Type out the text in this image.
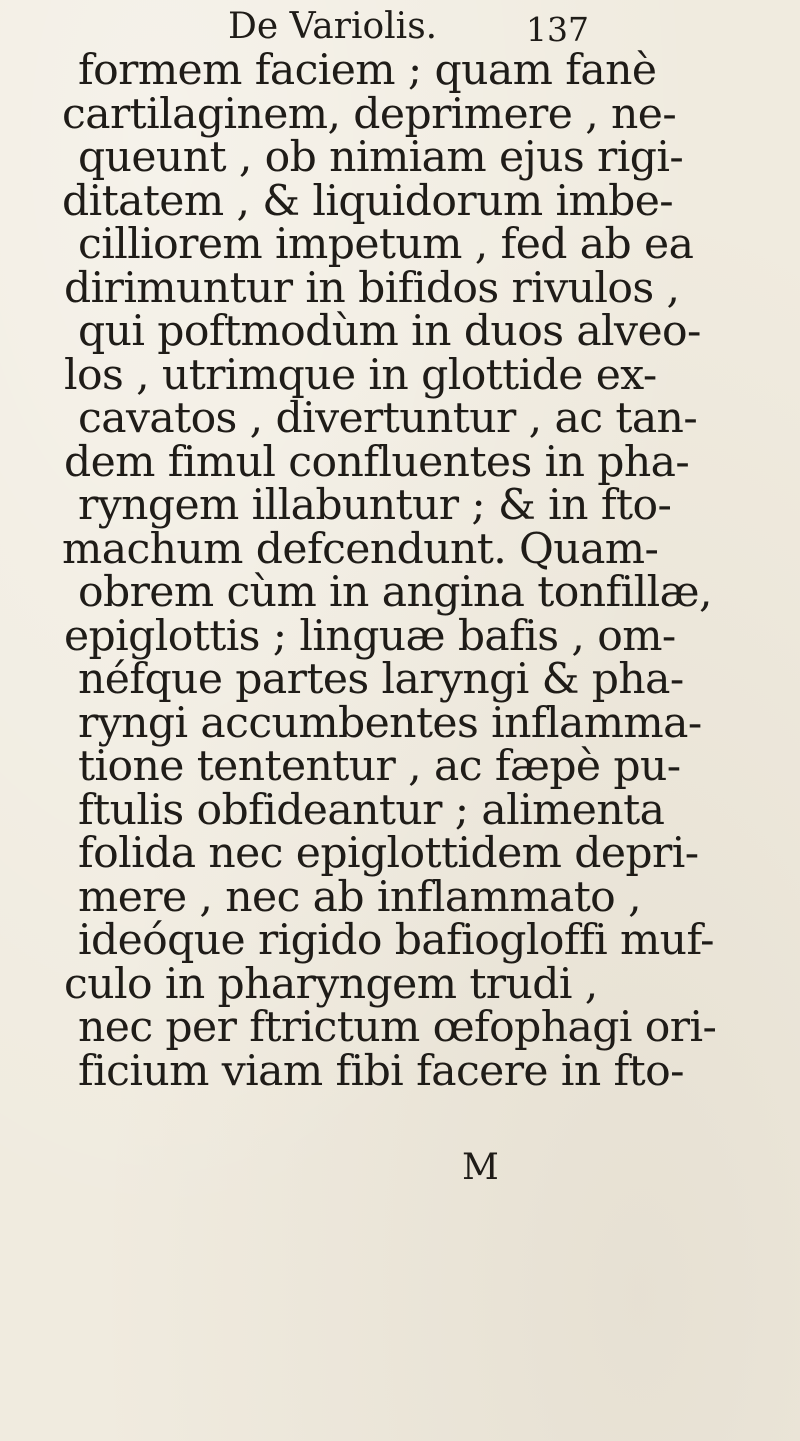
De Variolis.	137
formem faciem ; quam fanè
cartilaginem, deprimere , ne-
queunt , ob nimiam ejus rigi-
ditatem , & liquidorum imbe-
cilliorem impetum , fed ab ea
dirimuntur in bifidos rivulos ,
qui poftmodùm in duos alveo-
los , utrimque in glottide ex-
cavatos , divertuntur , ac tan-
dem fimul confluentes in pha-
ryngem illabuntur ; & in fto-
machum defcendunt. Quam-
obrem cùm in angina tonfillæ,
epiglottis ; linguæ bafis , om-
néfque partes laryngi & pha-
ryngi accumbentes inflamma-
tione tententur , ac fæpè pu-
ftulis obfideantur ; alimenta
folida nec epiglottidem depri-
mere , nec ab inflammato ,
ideóque rigido bafiogloffi muf-
culo in pharyngem trudi ,
nec per ftrictum œfophagi ori-
ficium viam fibi facere in fto-
M
